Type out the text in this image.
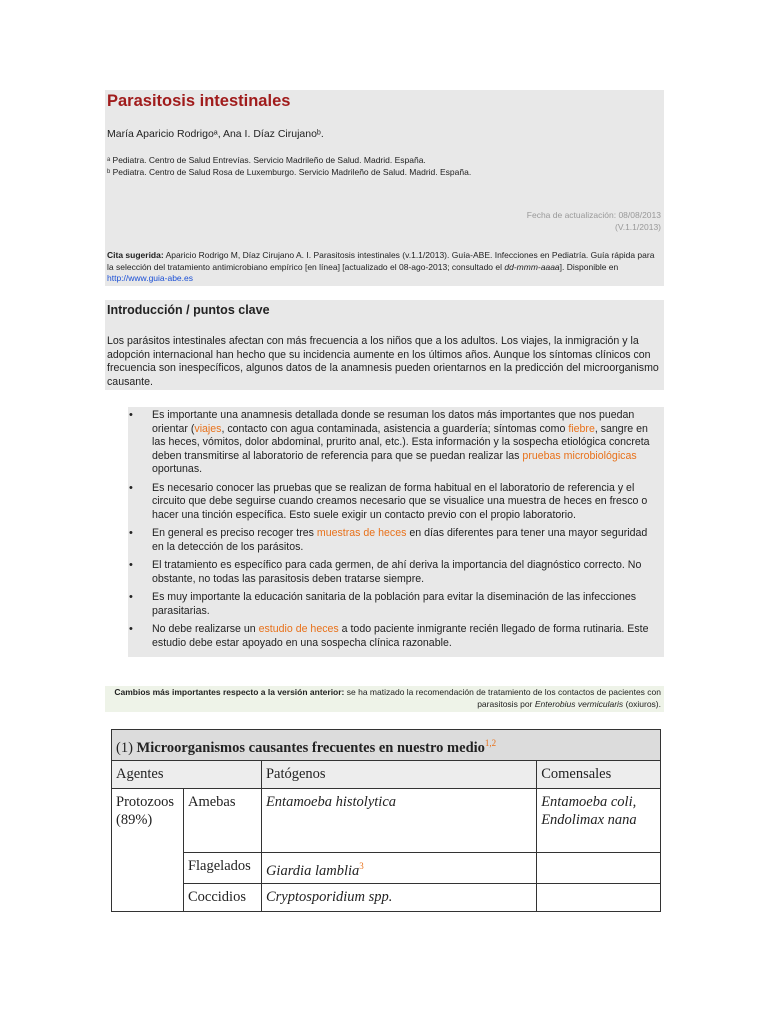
Parasitosis intestinales
María Aparicio Rodrigoᵃ, Ana I. Díaz Cirujanoᵇ.
ᵃ Pediatra. Centro de Salud Entrevías. Servicio Madrileño de Salud. Madrid. España.
ᵇ Pediatra. Centro de Salud Rosa de Luxemburgo. Servicio Madrileño de Salud. Madrid. España.
Fecha de actualización: 08/08/2013
(V.1.1/2013)
Cita sugerida: Aparicio Rodrigo M, Díaz Cirujano A. I. Parasitosis intestinales (v.1.1/2013). Guía-ABE. Infecciones en Pediatría. Guía rápida para la selección del tratamiento antimicrobiano empírico [en línea] [actualizado el 08-ago-2013; consultado el dd-mmm-aaaa]. Disponible en http://www.guia-abe.es
Introducción / puntos clave
Los parásitos intestinales afectan con más frecuencia a los niños que a los adultos. Los viajes, la inmigración y la adopción internacional han hecho que su incidencia aumente en los últimos años. Aunque los síntomas clínicos con frecuencia son inespecíficos, algunos datos de la anamnesis pueden orientarnos en la predicción del microorganismo causante.
• Es importante una anamnesis detallada donde se resuman los datos más importantes que nos puedan orientar (viajes, contacto con agua contaminada, asistencia a guardería; síntomas como fiebre, sangre en las heces, vómitos, dolor abdominal, prurito anal, etc.). Esta información y la sospecha etiológica concreta deben transmitirse al laboratorio de referencia para que se puedan realizar las pruebas microbiológicas oportunas.
• Es necesario conocer las pruebas que se realizan de forma habitual en el laboratorio de referencia y el circuito que debe seguirse cuando creamos necesario que se visualice una muestra de heces en fresco o hacer una tinción específica. Esto suele exigir un contacto previo con el propio laboratorio.
• En general es preciso recoger tres muestras de heces en días diferentes para tener una mayor seguridad en la detección de los parásitos.
• El tratamiento es específico para cada germen, de ahí deriva la importancia del diagnóstico correcto. No obstante, no todas las parasitosis deben tratarse siempre.
• Es muy importante la educación sanitaria de la población para evitar la diseminación de las infecciones parasitarias.
• No debe realizarse un estudio de heces a todo paciente inmigrante recién llegado de forma rutinaria. Este estudio debe estar apoyado en una sospecha clínica razonable.
Cambios más importantes respecto a la versión anterior: se ha matizado la recomendación de tratamiento de los contactos de pacientes con parasitosis por Enterobius vermicularis (oxiuros).
(1) Microorganismos causantes frecuentes en nuestro medio$^{1,2}$
Agentes		Patógenos	Comensales
Protozoos (89%)	Amebas	Entamoeba histolytica	Entamoeba coli, Endolimax nana
	Flagelados	Giardia lamblia$^3$	
	Coccidios	Cryptosporidium spp.	
